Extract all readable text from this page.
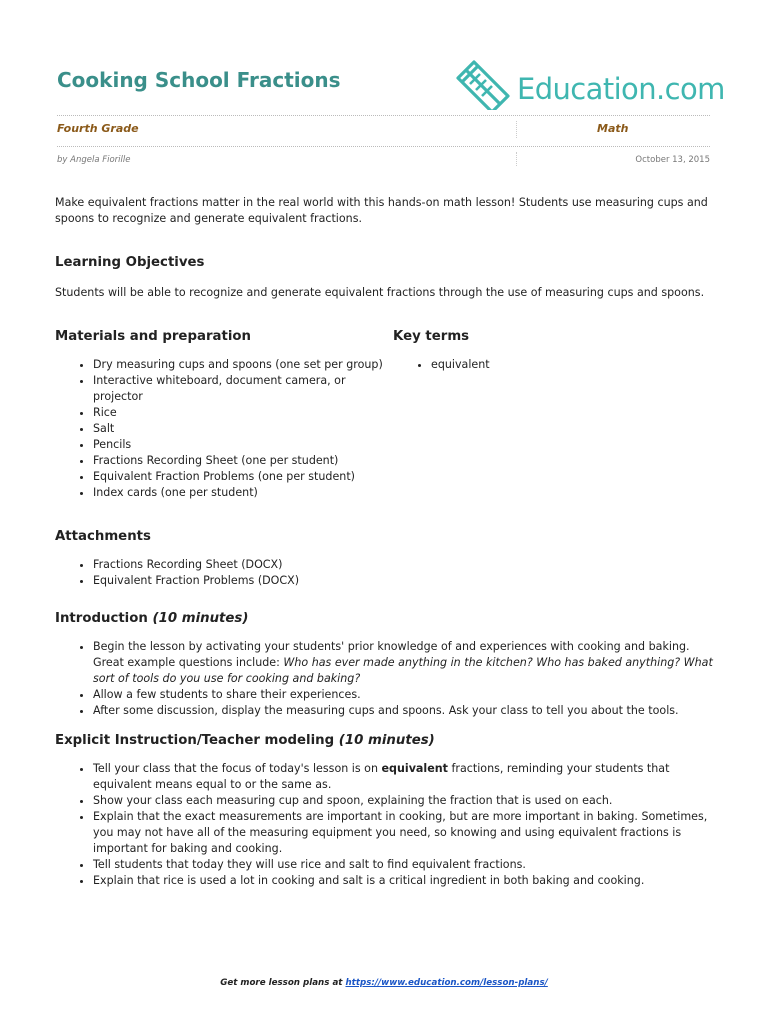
Cooking School Fractions	Education.com
Fourth Grade	Math
by Angela Fiorille	October 13, 2015

Make equivalent fractions matter in the real world with this hands-on math lesson! Students use measuring cups and spoons to recognize and generate equivalent fractions.

Learning Objectives

Students will be able to recognize and generate equivalent fractions through the use of measuring cups and spoons.

Materials and preparation
• Dry measuring cups and spoons (one set per group)
• Interactive whiteboard, document camera, or projector
• Rice
• Salt
• Pencils
• Fractions Recording Sheet (one per student)
• Equivalent Fraction Problems (one per student)
• Index cards (one per student)
Key terms
• equivalent
Attachments
• Fractions Recording Sheet (DOCX)
• Equivalent Fraction Problems (DOCX)
Introduction (10 minutes)
• Begin the lesson by activating your students' prior knowledge of and experiences with cooking and baking. Great example questions include: Who has ever made anything in the kitchen? Who has baked anything? What sort of tools do you use for cooking and baking?
• Allow a few students to share their experiences.
• After some discussion, display the measuring cups and spoons. Ask your class to tell you about the tools.
Explicit Instruction/Teacher modeling (10 minutes)
• Tell your class that the focus of today's lesson is on equivalent fractions, reminding your students that equivalent means equal to or the same as.
• Show your class each measuring cup and spoon, explaining the fraction that is used on each.
• Explain that the exact measurements are important in cooking, but are more important in baking. Sometimes, you may not have all of the measuring equipment you need, so knowing and using equivalent fractions is important for baking and cooking.
• Tell students that today they will use rice and salt to find equivalent fractions.
• Explain that rice is used a lot in cooking and salt is a critical ingredient in both baking and cooking.
Get more lesson plans at https://www.education.com/lesson-plans/
